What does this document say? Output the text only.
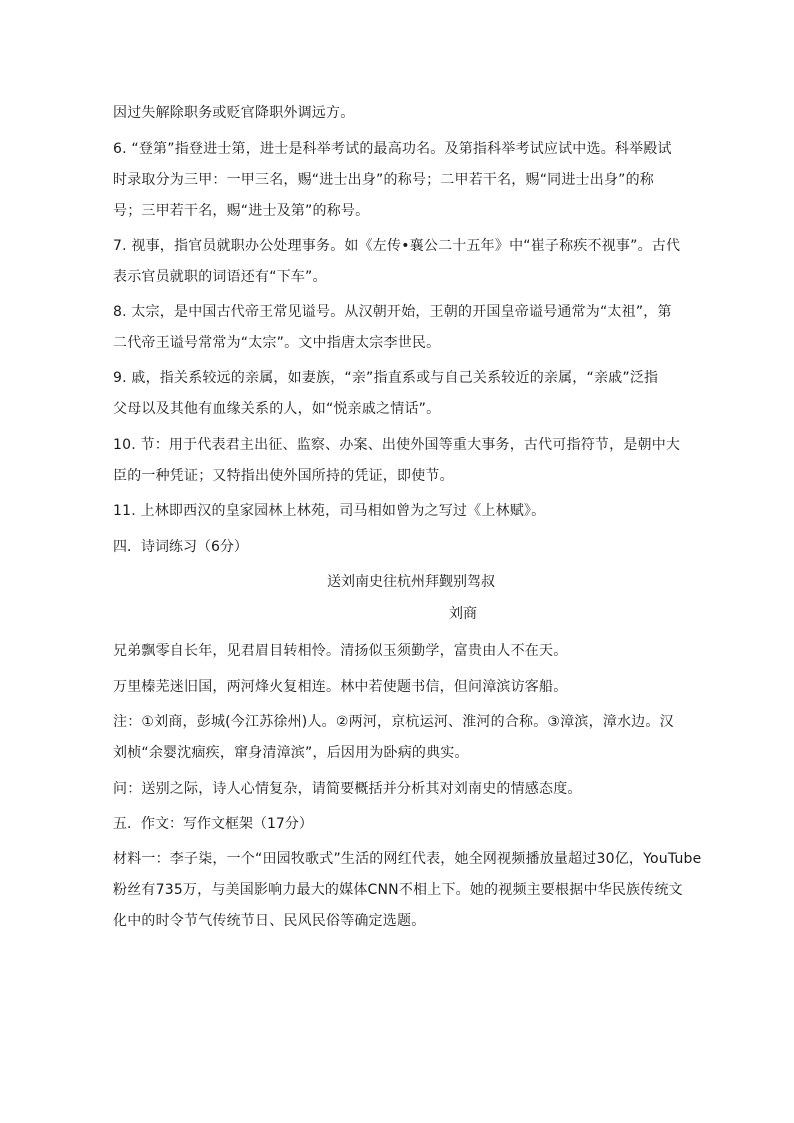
因过失解除职务或贬官降职外调远方。
6. “登第”指登进士第，进士是科举考试的最高功名。及第指科举考试应试中选。科举殿试
时录取分为三甲：一甲三名，赐“进士出身”的称号；二甲若干名，赐“同进士出身”的称
号；三甲若干名，赐“进士及第”的称号。
7. 视事，指官员就职办公处理事务。如《左传•襄公二十五年》中“崔子称疾不视事”。古代
表示官员就职的词语还有“下车”。
8. 太宗，是中国古代帝王常见谥号。从汉朝开始，王朝的开国皇帝谥号通常为“太祖”，第
二代帝王谥号常常为“太宗”。文中指唐太宗李世民。
9. 戚，指关系较远的亲属，如妻族，“亲”指直系或与自己关系较近的亲属，“亲戚”泛指
父母以及其他有血缘关系的人，如“悦亲戚之情话”。
10. 节：用于代表君主出征、监察、办案、出使外国等重大事务，古代可指符节，是朝中大
臣的一种凭证；又特指出使外国所持的凭证，即使节。
11. 上林即西汉的皇家园林上林苑，司马相如曾为之写过《上林赋》。
四．诗词练习（6分）
送刘南史往杭州拜觐别驾叔
刘商
兄弟飘零自长年，见君眉目转相怜。清扬似玉须勤学，富贵由人不在天。
万里榛芜迷旧国，两河烽火复相连。林中若使题书信，但问漳滨访客船。
注：①刘商，彭城(今江苏徐州)人。②两河，京杭运河、淮河的合称。③漳滨，漳水边。汉
刘桢“余婴沈痼疾，窜身清漳滨”，后因用为卧病的典实。
问：送别之际，诗人心情复杂，请简要概括并分析其对刘南史的情感态度。
五．作文：写作文框架（17分）
材料一：李子柒，一个“田园牧歌式”生活的网红代表，她全网视频播放量超过30亿，YouTube
粉丝有735万，与美国影响力最大的媒体CNN不相上下。她的视频主要根据中华民族传统文
化中的时令节气传统节日、民风民俗等确定选题。
